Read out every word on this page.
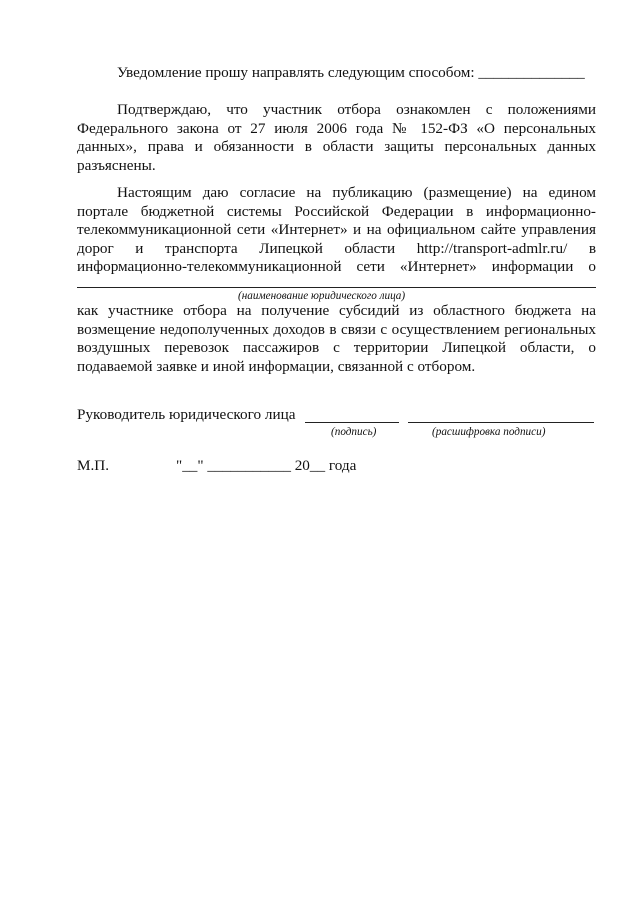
Уведомление прошу направлять следующим способом: ______________
Подтверждаю, что участник отбора ознакомлен с положениями
Федерального закона от 27 июля 2006 года № 152-ФЗ «О персональных
данных», права и обязанности в области защиты персональных данных
разъяснены.
Настоящим даю согласие на публикацию (размещение) на едином
портале бюджетной системы Российской Федерации в информационно-
телекоммуникационной сети «Интернет» и на официальном сайте управления
дорог и транспорта Липецкой области http://transport-admlr.ru/ в
информационно-телекоммуникационной сети «Интернет» информации о
(наименование юридического лица)
как участнике отбора на получение субсидий из областного бюджета на
возмещение недополученных доходов в связи с осуществлением региональных
воздушных перевозок пассажиров с территории Липецкой области, о
подаваемой заявке и иной информации, связанной с отбором.
Руководитель юридического лица
(подпись)	(расшифровка подписи)
М.П.	"__" ___________ 20__ года
